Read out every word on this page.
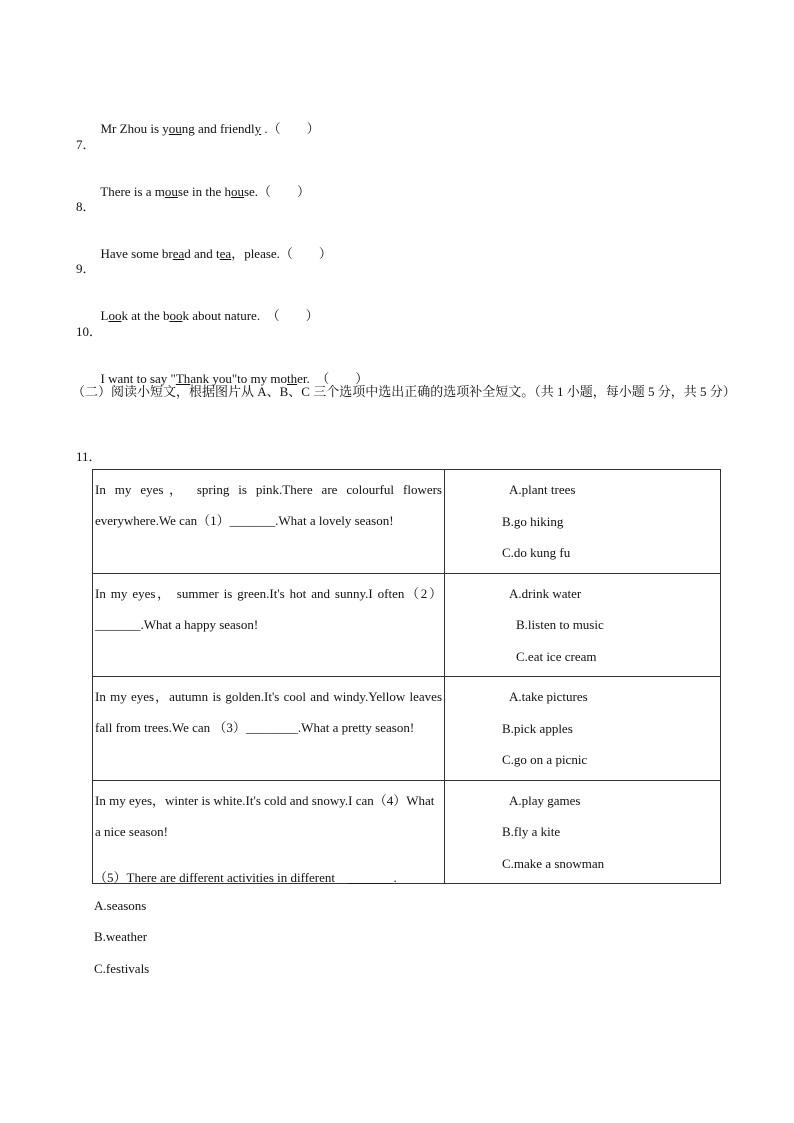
Mr Zhou is young and friendly .（　　）

7．

There is a mouse in the house.（　　）

8．

Have some bread and tea，please.（　　）

9．

Look at the book about nature.　（　　）

10．

I want to say "Thank you"to my mother.　（　　）

（二）阅读小短文，根据图片从 A、B、C 三个选项中选出正确的选项补全短文。（共 1 小题，每小题 5 分，共 5 分）
11．
In my eyes， spring is pink.There are colourful flowers everywhere.We can（1）_______.What a lovely season!	A.plant trees
B.go hiking
C.do kung fu

In my eyes， summer is green.It's hot and sunny.I often（2）_______.What a happy season!	A.drink water
B.listen to music
C.eat ice cream

In my eyes，autumn is golden.It's cool and windy.Yellow leaves fall from trees.We can （3）________.What a pretty season!	A.take pictures
B.pick apples
C.go on a picnic

In my eyes，winter is white.It's cold and snowy.I can（4）What a nice season!	A.play games
B.fly a kite
C.make a snowman
（5）There are different activities in different　_______.
A.seasons
B.weather
C.festivals
